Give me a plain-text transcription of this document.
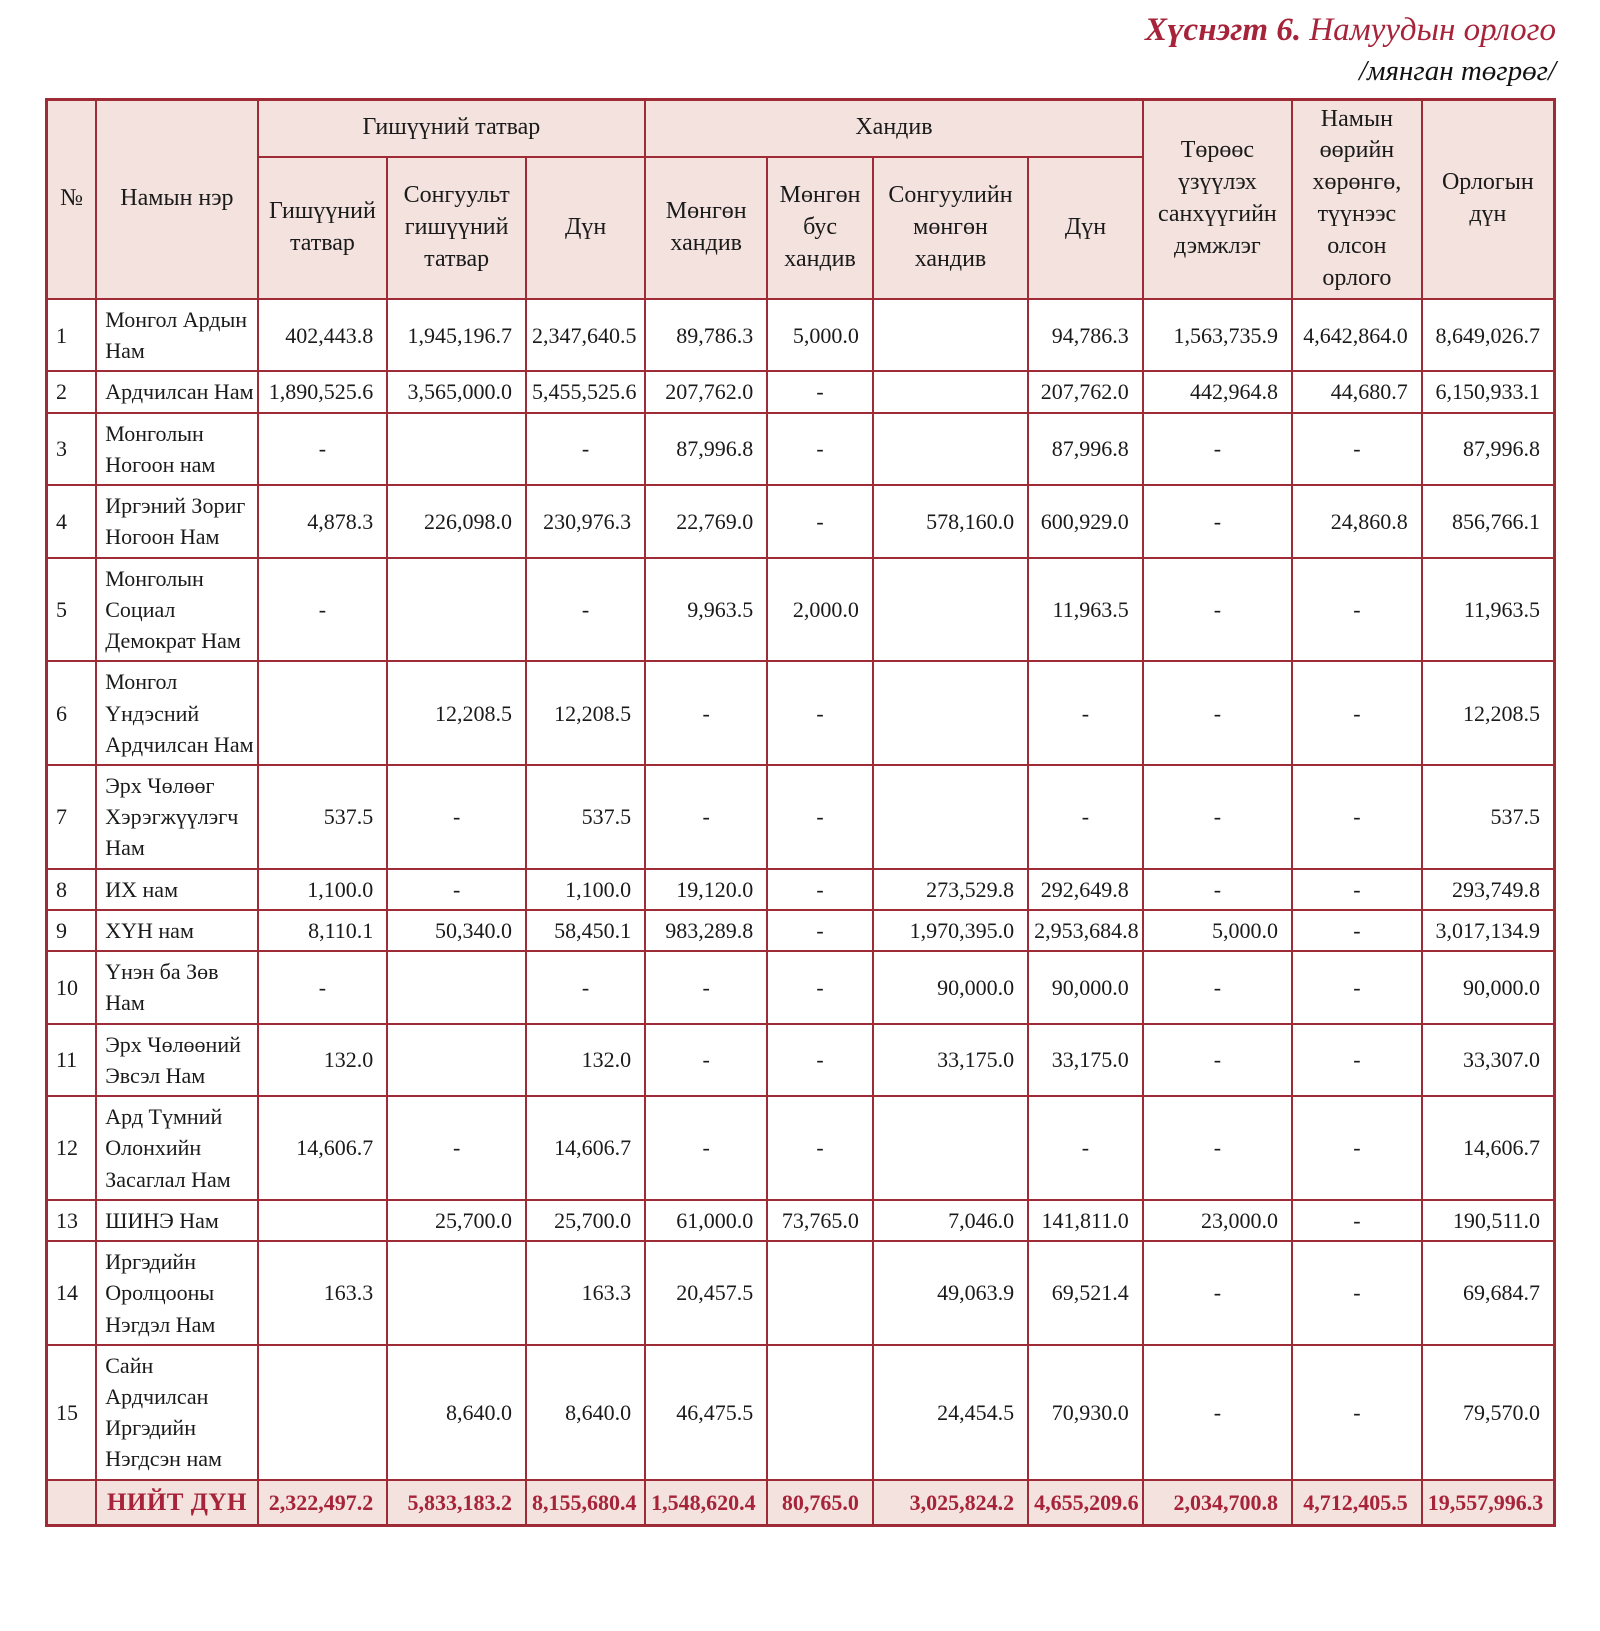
Хүснэгт 6. Намуудын орлого
/мянган төгрөг/
№	Намын нэр	Гишүүний татвар			Хандив				Төрөөс үзүүлэх санхүүгийн дэмжлэг	Намын өөрийн хөрөнгө, түүнээс олсон орлого	Орлогын дүн
		Гишүүний татвар	Сонгуульт гишүүний татвар	Дүн	Мөнгөн хандив	Мөнгөн бус хандив	Сонгуулийн мөнгөн хандив	Дүн			
1	Монгол Ардын Нам	402,443.8	1,945,196.7	2,347,640.5	89,786.3	5,000.0		94,786.3	1,563,735.9	4,642,864.0	8,649,026.7
2	Ардчилсан Нам	1,890,525.6	3,565,000.0	5,455,525.6	207,762.0	-		207,762.0	442,964.8	44,680.7	6,150,933.1
3	Монголын Ногоон нам	-		-	87,996.8	-		87,996.8	-	-	87,996.8
4	Иргэний Зориг Ногоон Нам	4,878.3	226,098.0	230,976.3	22,769.0	-	578,160.0	600,929.0	-	24,860.8	856,766.1
5	Монголын Социал Демократ Нам	-		-	9,963.5	2,000.0		11,963.5	-	-	11,963.5
6	Монгол Үндэсний Ардчилсан Нам		12,208.5	12,208.5	-	-		-	-	-	12,208.5
7	Эрх Чөлөөг Хэрэгжүүлэгч Нам	537.5	-	537.5	-	-		-	-	-	537.5
8	ИХ нам	1,100.0	-	1,100.0	19,120.0	-	273,529.8	292,649.8	-	-	293,749.8
9	ХҮН нам	8,110.1	50,340.0	58,450.1	983,289.8	-	1,970,395.0	2,953,684.8	5,000.0	-	3,017,134.9
10	Үнэн ба Зөв Нам	-		-	-	-	90,000.0	90,000.0	-	-	90,000.0
11	Эрх Чөлөөний Эвсэл Нам	132.0		132.0	-	-	33,175.0	33,175.0	-	-	33,307.0
12	Ард Түмний Олонхийн Засаглал Нам	14,606.7	-	14,606.7	-	-		-	-	-	14,606.7
13	ШИНЭ Нам		25,700.0	25,700.0	61,000.0	73,765.0	7,046.0	141,811.0	23,000.0	-	190,511.0
14	Иргэдийн Оролцооны Нэгдэл Нам	163.3		163.3	20,457.5		49,063.9	69,521.4	-	-	69,684.7
15	Сайн Ардчилсан Иргэдийн Нэгдсэн нам		8,640.0	8,640.0	46,475.5		24,454.5	70,930.0	-	-	79,570.0
	НИЙТ ДҮН	2,322,497.2	5,833,183.2	8,155,680.4	1,548,620.4	80,765.0	3,025,824.2	4,655,209.6	2,034,700.8	4,712,405.5	19,557,996.3
